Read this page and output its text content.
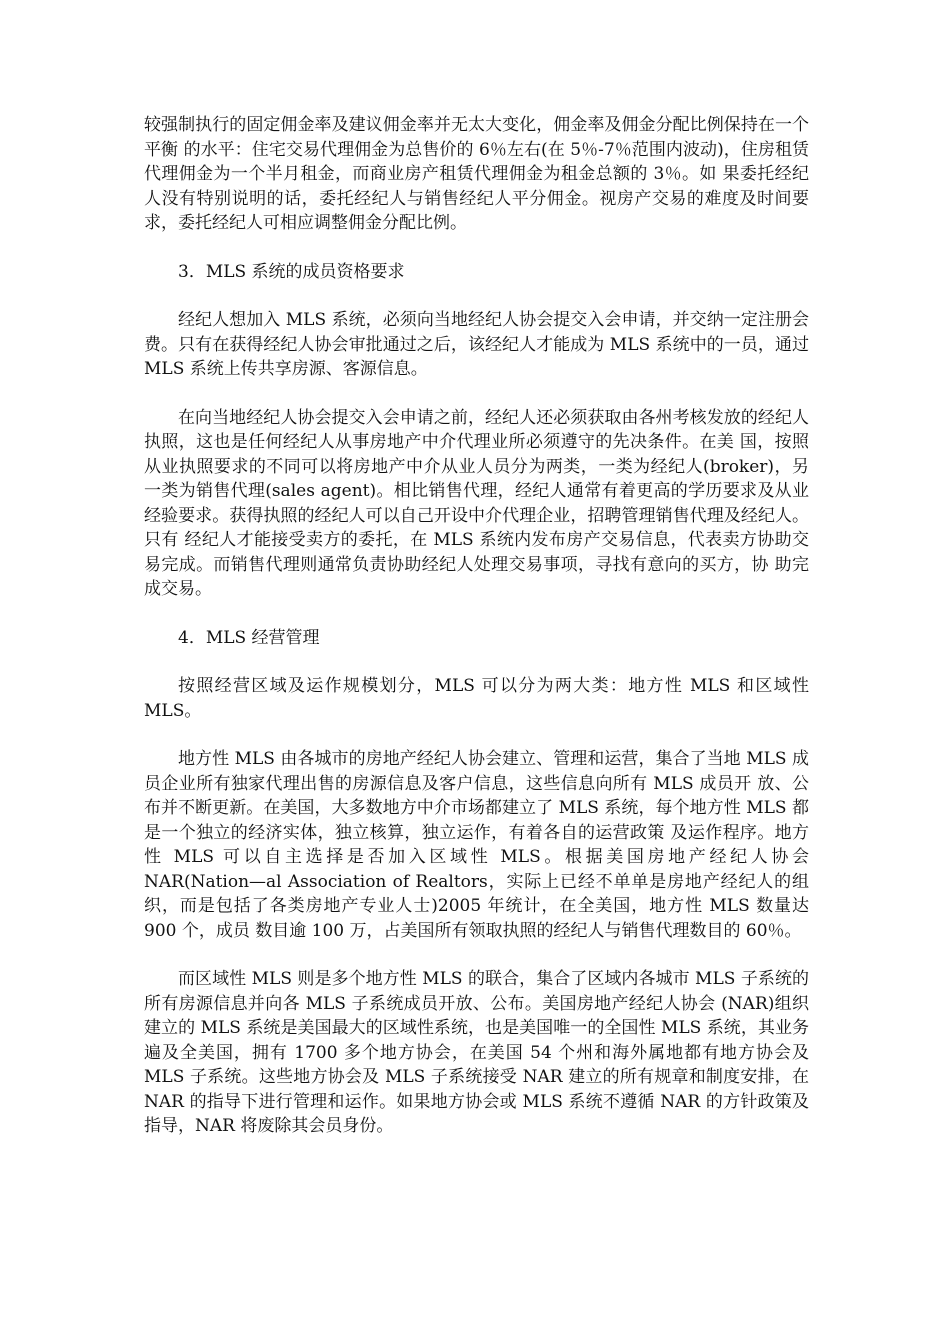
较强制执行的固定佣金率及建议佣金率并无太大变化，佣金率及佣金分配比例保持在一个平衡 的水平：住宅交易代理佣金为总售价的 6％左右(在 5％-7％范围内波动)，住房租赁代理佣金为一个半月租金，而商业房产租赁代理佣金为租金总额的 3％。如 果委托经纪人没有特别说明的话，委托经纪人与销售经纪人平分佣金。视房产交易的难度及时间要求，委托经纪人可相应调整佣金分配比例。

3．MLS 系统的成员资格要求

经纪人想加入 MLS 系统，必须向当地经纪人协会提交入会申请，并交纳一定注册会费。只有在获得经纪人协会审批通过之后，该经纪人才能成为 MLS 系统中的一员，通过 MLS 系统上传共享房源、客源信息。

在向当地经纪人协会提交入会申请之前，经纪人还必须获取由各州考核发放的经纪人执照，这也是任何经纪人从事房地产中介代理业所必须遵守的先决条件。在美 国，按照从业执照要求的不同可以将房地产中介从业人员分为两类，一类为经纪人(broker)，另一类为销售代理(sales agent)。相比销售代理，经纪人通常有着更高的学历要求及从业经验要求。获得执照的经纪人可以自己开设中介代理企业，招聘管理销售代理及经纪人。只有 经纪人才能接受卖方的委托，在 MLS 系统内发布房产交易信息，代表卖方协助交易完成。而销售代理则通常负责协助经纪人处理交易事项，寻找有意向的买方，协 助完成交易。

4．MLS 经营管理

按照经营区域及运作规模划分，MLS 可以分为两大类：地方性 MLS 和区域性 MLS。

地方性 MLS 由各城市的房地产经纪人协会建立、管理和运营，集合了当地 MLS 成员企业所有独家代理出售的房源信息及客户信息，这些信息向所有 MLS 成员开 放、公布并不断更新。在美国，大多数地方中介市场都建立了 MLS 系统，每个地方性 MLS 都是一个独立的经济实体，独立核算，独立运作，有着各自的运营政策 及运作程序。地方性 MLS 可以自主选择是否加入区域性 MLS。根据美国房地产经纪人协会 NAR(Nation—al Association of Realtors，实际上已经不单单是房地产经纪人的组织，而是包括了各类房地产专业人士)2005 年统计，在全美国，地方性 MLS 数量达 900 个，成员 数目逾 100 万，占美国所有领取执照的经纪人与销售代理数目的 60％。

而区域性 MLS 则是多个地方性 MLS 的联合，集合了区域内各城市 MLS 子系统的所有房源信息并向各 MLS 子系统成员开放、公布。美国房地产经纪人协会 (NAR)组织建立的 MLS 系统是美国最大的区域性系统，也是美国唯一的全国性 MLS 系统，其业务遍及全美国，拥有 1700 多个地方协会，在美国 54 个州和海外属地都有地方协会及 MLS 子系统。这些地方协会及 MLS 子系统接受 NAR 建立的所有规章和制度安排，在 NAR 的指导下进行管理和运作。如果地方协会或 MLS 系统不遵循 NAR 的方针政策及指导，NAR 将废除其会员身份。
